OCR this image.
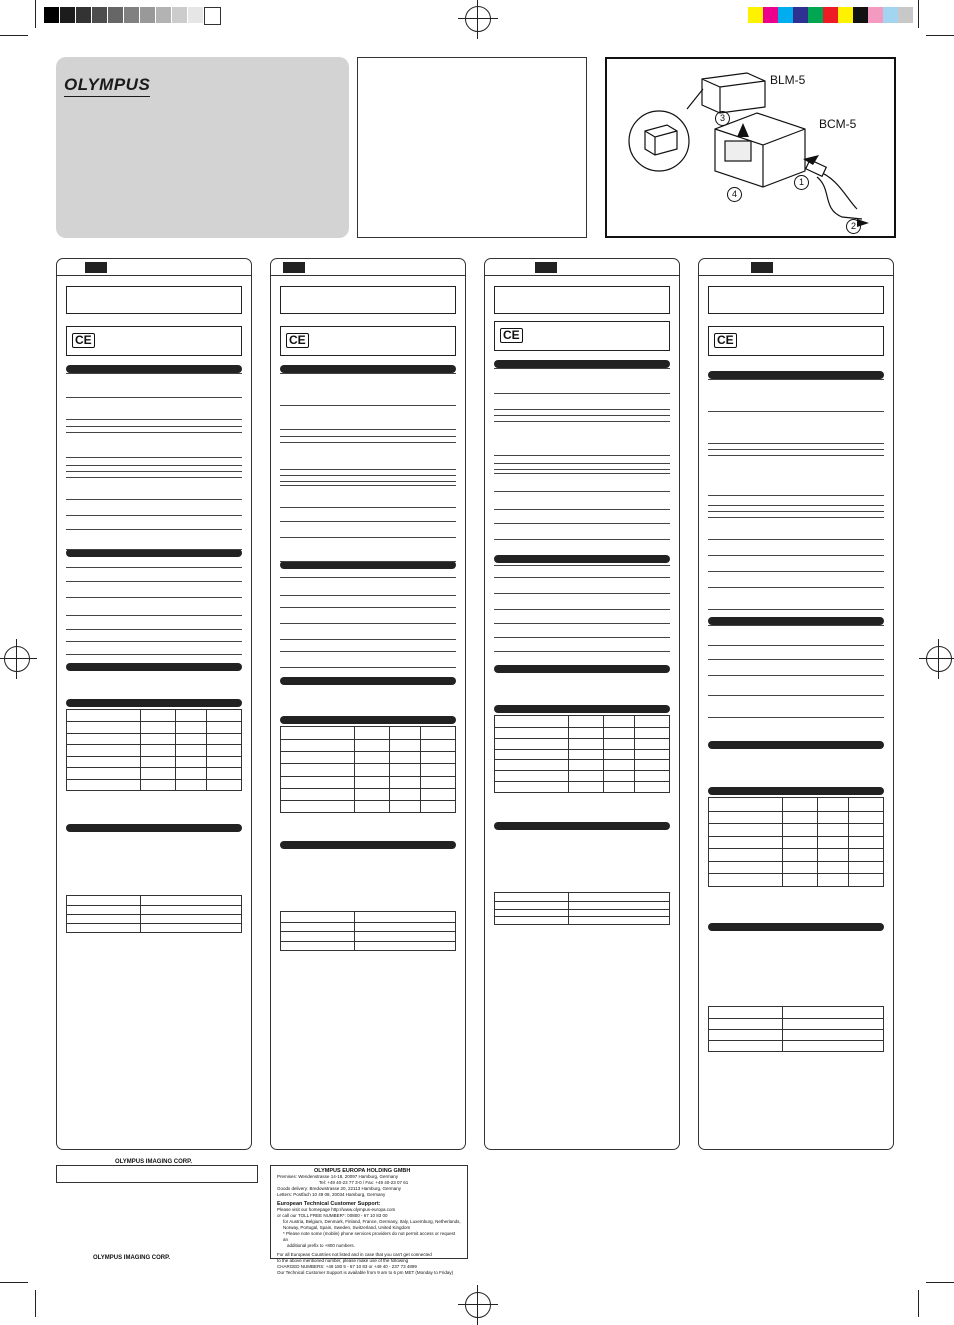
OLYMPUS	BLM-5
BCM-5
1
2
3
4
CE	CE	CE	CE
OLYMPUS IMAGING CORP.
OLYMPUS IMAGING CORP.
OLYMPUS EUROPA HOLDING GMBH
Premises: Wendenstrasse 14-18, 20097 Hamburg, Germany
Tel: +49 40-23 77 3-0 / Fax: +49 40-23 07 61
Goods delivery: Bredowstrasse 20, 22113 Hamburg, Germany
Letters: Postfach 10 49 08, 20034 Hamburg, Germany
European Technical Customer Support:
Please visit our homepage http://www.olympus-europa.com
or call our TOLL FREE NUMBER*: 00800 - 67 10 83 00
for Austria, Belgium, Denmark, Finland, France, Germany, Italy, Luxemburg, Netherlands,
Norway, Portugal, Spain, Sweden, Switzerland, United Kingdom
* Please note some (mobile) phone services providers do not permit access or request an
additional prefix to +800 numbers.
For all European Countries not listed and in case that you can't get connected
to the above mentioned number, please make use of the following
CHARGED NUMBERS: +49 180 5 - 67 10 83 or +49 40 - 237 73 4899
Our Technical Customer Support is available from 9 am to 6 pm MET (Monday to Friday)
